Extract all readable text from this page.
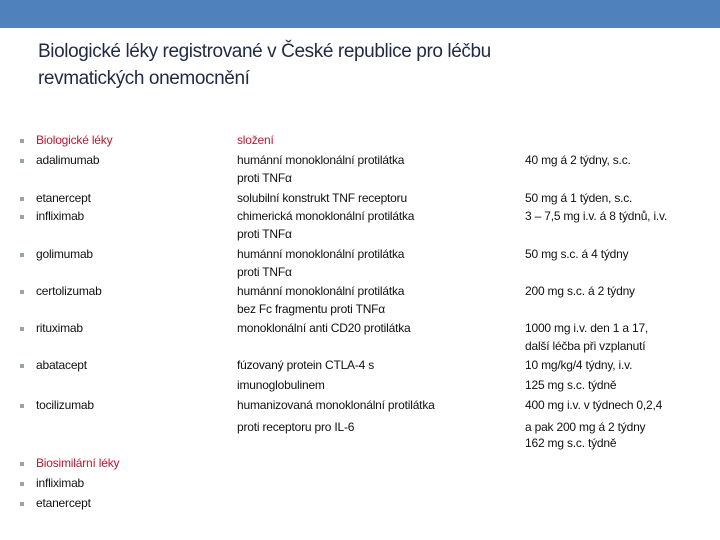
Biologické léky registrované v České republice pro léčbu revmatických onemocnění
Biologické léky
adalimumab
etanercept
infliximab
golimumab
certolizumab
rituximab
abatacept
tocilizumab
Biosimilární léky
infliximab
etanercept
složení
humánní monoklonální protilátka
proti TNFα
solubilní konstrukt TNF receptoru
chimerická monoklonální protilátka
proti TNFα
humánní monoklonální protilátka
proti TNFα
humánní monoklonální protilátka
bez Fc fragmentu proti TNFα
monoklonální anti CD20 protilátka
fúzovaný protein CTLA-4 s
imunoglobulinem
humanizovaná monoklonální protilátka
proti receptoru pro IL-6
40 mg á 2 týdny, s.c.
50 mg á 1 týden, s.c.
3 – 7,5 mg i.v. á 8 týdnů, i.v.
50 mg s.c. á 4 týdny
200 mg s.c. á 2 týdny
1000 mg i.v. den 1 a 17,
další léčba při vzplanutí
10 mg/kg/4 týdny, i.v.
125 mg s.c. týdně
400 mg i.v. v týdnech 0,2,4
a pak 200 mg á 2 týdny
162 mg s.c. týdně
